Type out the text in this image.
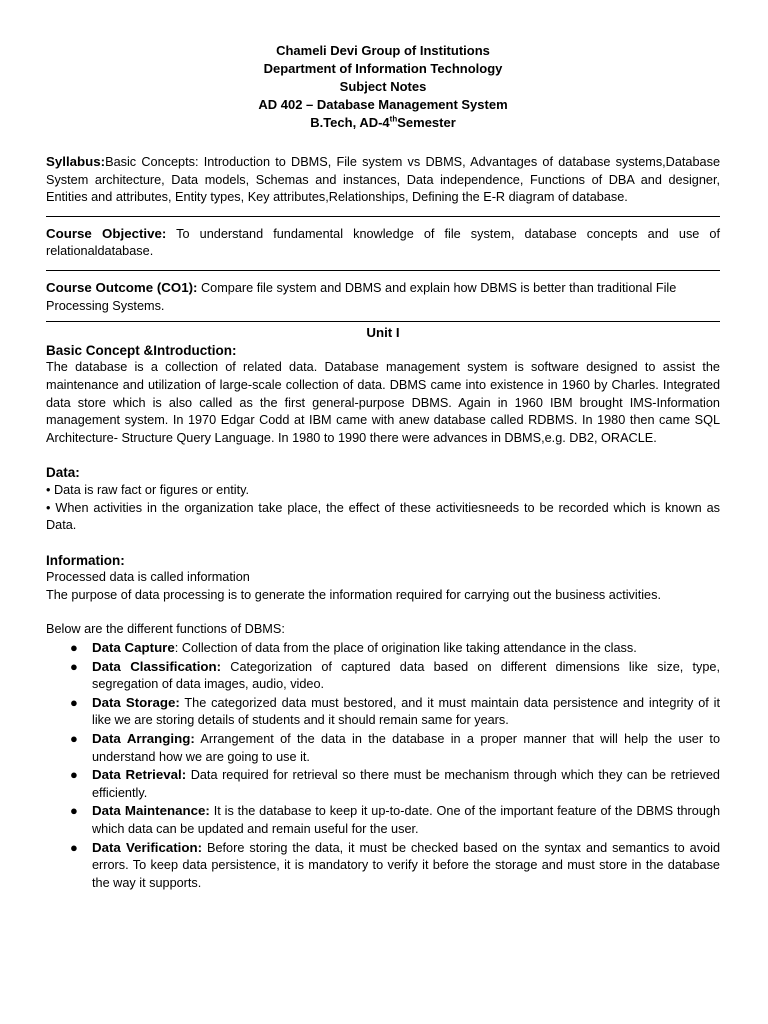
Chameli Devi Group of Institutions
Department of Information Technology
Subject Notes
AD 402 – Database Management System
B.Tech, AD-4thSemester

Syllabus:Basic Concepts: Introduction to DBMS, File system vs DBMS, Advantages of database systems,Database System architecture, Data models, Schemas and instances, Data independence, Functions of DBA and designer, Entities and attributes, Entity types, Key attributes,Relationships, Defining the E-R diagram of database.

Course Objective: To understand fundamental knowledge of file system, database concepts and use of relationaldatabase.

Course Outcome (CO1): Compare file system and DBMS and explain how DBMS is better than traditional File

Processing Systems.

Unit I
Basic Concept &Introduction:

The database is a collection of related data. Database management system is software designed to assist the maintenance and utilization of large-scale collection of data. DBMS came into existence in 1960 by Charles. Integrated data store which is also called as the first general-purpose DBMS. Again in 1960 IBM brought IMS-Information management system. In 1970 Edgar Codd at IBM came with anew database called RDBMS. In 1980 then came SQL Architecture- Structure Query Language. In 1980 to 1990 there were advances in DBMS,e.g. DB2, ORACLE.

Data:

• Data is raw fact or figures or entity.

• When activities in the organization take place, the effect of these activitiesneeds to be recorded which is known as Data.

Information:

Processed data is called information

The purpose of data processing is to generate the information required for carrying out the business activities.

Below are the different functions of DBMS:

● Data Capture: Collection of data from the place of origination like taking attendance in the class.
● Data Classification: Categorization of captured data based on different dimensions like size, type, segregation of data images, audio, video.
● Data Storage: The categorized data must bestored, and it must maintain data persistence and integrity of it like we are storing details of students and it should remain same for years.
● Data Arranging: Arrangement of the data in the database in a proper manner that will help the user to understand how we are going to use it.
● Data Retrieval: Data required for retrieval so there must be mechanism through which they can be retrieved efficiently.
● Data Maintenance: It is the database to keep it up-to-date. One of the important feature of the DBMS through which data can be updated and remain useful for the user.
● Data Verification: Before storing the data, it must be checked based on the syntax and semantics to avoid errors. To keep data persistence, it is mandatory to verify it before the storage and must store in the database the way it supports.
